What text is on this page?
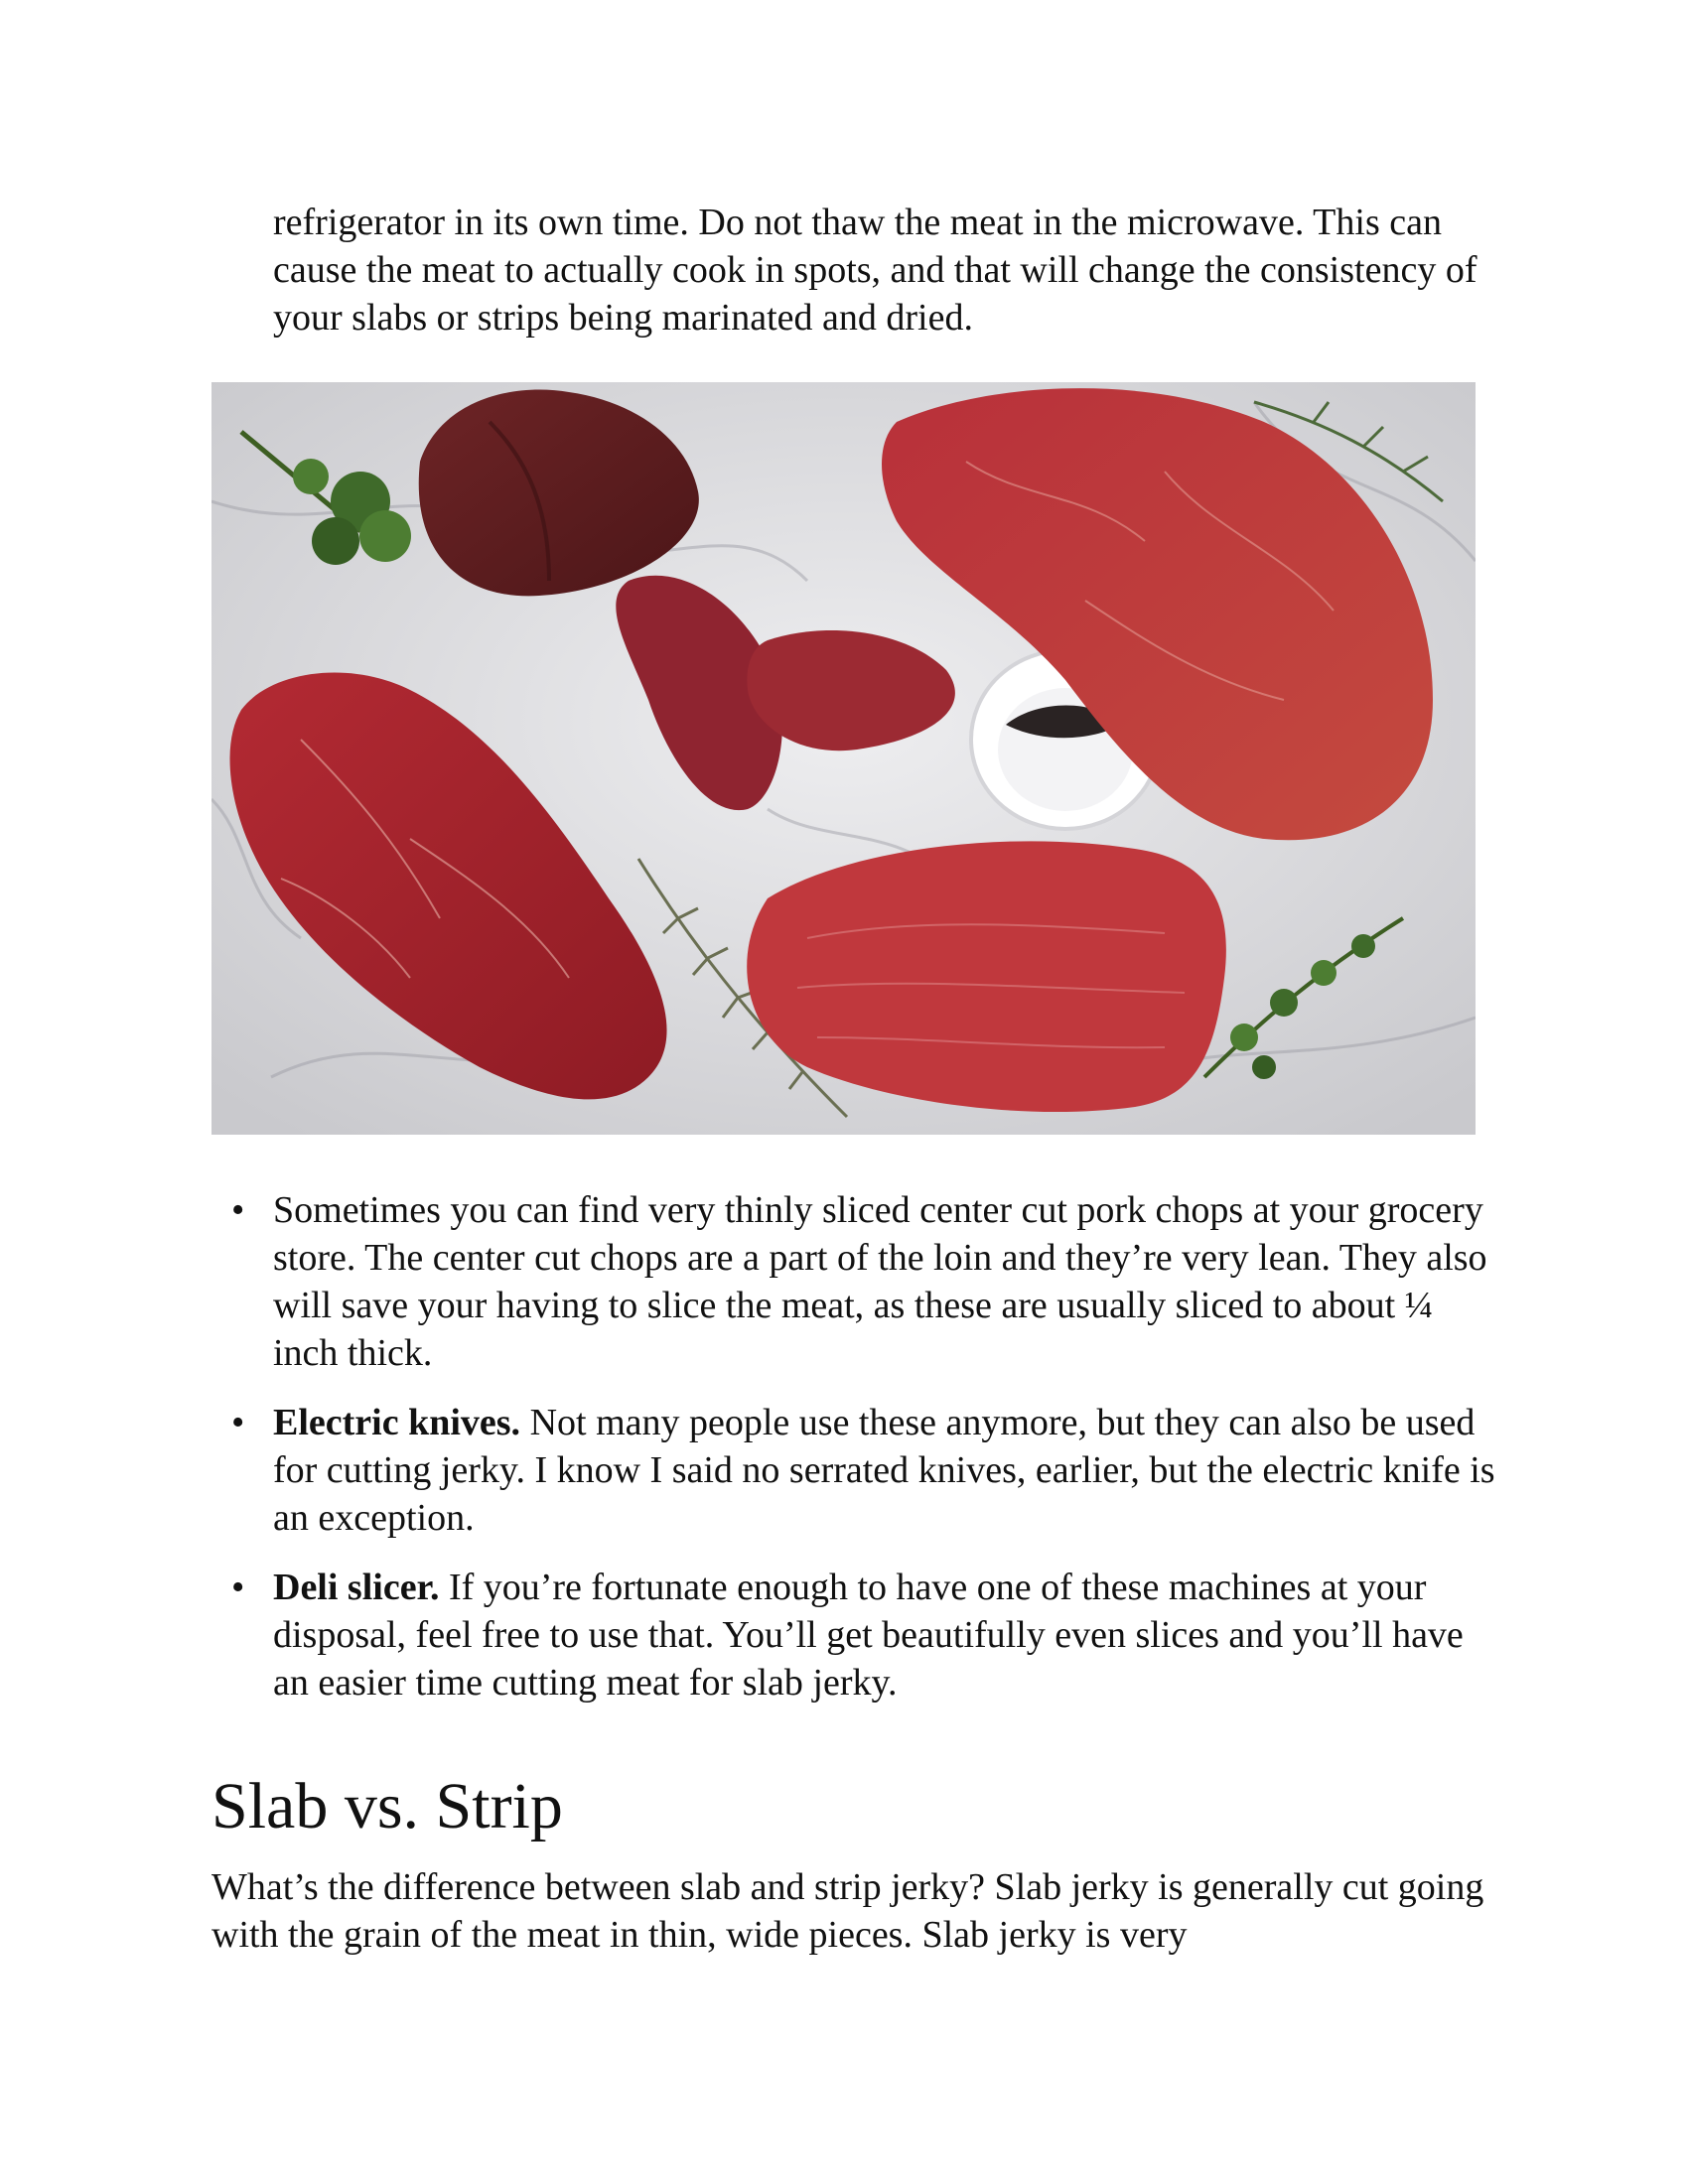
refrigerator in its own time. Do not thaw the meat in the microwave. This can cause the meat to actually cook in spots, and that will change the consistency of your slabs or strips being marinated and dried.

• Sometimes you can find very thinly sliced center cut pork chops at your grocery store. The center cut chops are a part of the loin and they’re very lean. They also will save your having to slice the meat, as these are usually sliced to about ¼ inch thick.
• Electric knives. Not many people use these anymore, but they can also be used for cutting jerky. I know I said no serrated knives, earlier, but the electric knife is an exception.
• Deli slicer. If you’re fortunate enough to have one of these machines at your disposal, feel free to use that. You’ll get beautifully even slices and you’ll have an easier time cutting meat for slab jerky.
Slab vs. Strip

What’s the difference between slab and strip jerky? Slab jerky is generally cut going with the grain of the meat in thin, wide pieces. Slab jerky is very
